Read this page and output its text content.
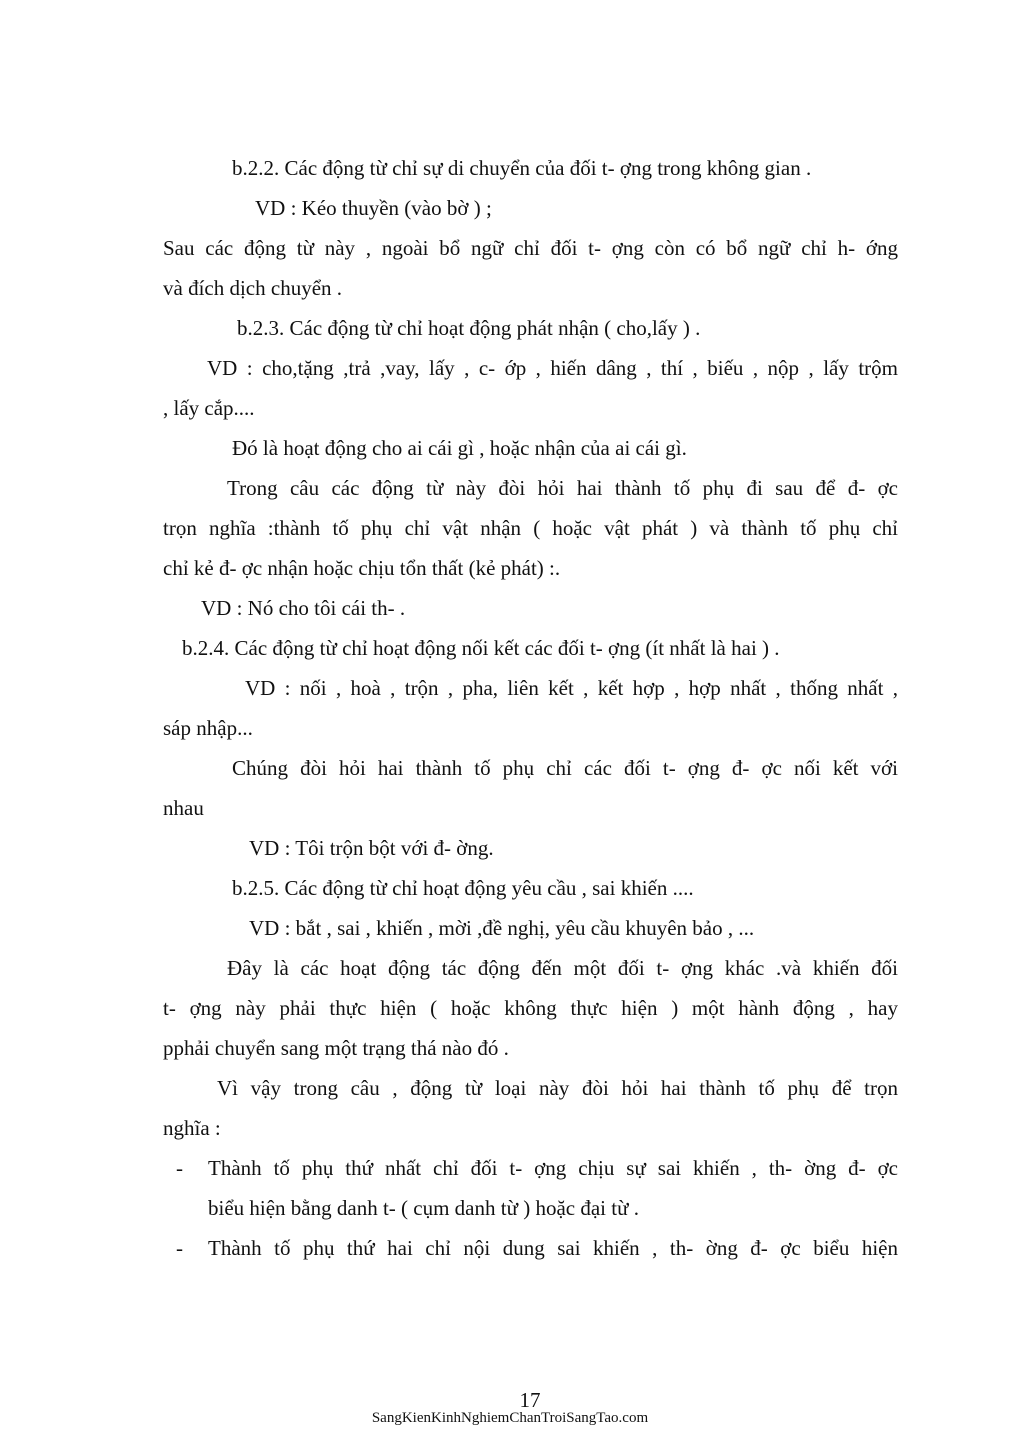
b.2.2. Các động từ chỉ sự di chuyển của đối t- ợng trong không gian .
VD : Kéo thuyền (vào bờ ) ;
Sau các động từ này , ngoài bổ ngữ chỉ đối t- ợng còn có bổ ngữ chỉ h- ớng
và đích dịch chuyển .
b.2.3. Các động từ chỉ hoạt động phát nhận ( cho,lấy ) .
VD : cho,tặng ,trả ,vay, lấy , c- ớp , hiến dâng , thí , biếu , nộp , lấy trộm
, lấy cắp....
Đó là hoạt động cho ai cái gì , hoặc nhận của ai cái gì.
Trong câu các động từ này đòi hỏi hai thành tố phụ đi sau để đ- ợc
trọn nghĩa :thành tố phụ chỉ vật nhận ( hoặc vật phát ) và thành tố phụ chỉ
chỉ kẻ đ- ợc nhận hoặc chịu tổn thất (kẻ phát) :.
VD : Nó cho tôi cái th- .
b.2.4. Các động từ chỉ hoạt động nối kết các đối t- ợng (ít nhất là hai ) .
VD : nối , hoà , trộn , pha, liên kết , kết hợp , hợp nhất , thống nhất ,
sáp nhập...
Chúng đòi hỏi hai thành tố phụ chỉ các đối t- ợng đ- ợc nối kết với
nhau
VD : Tôi trộn bột với đ- ờng.
b.2.5. Các động từ chỉ hoạt động yêu cầu , sai khiến ....
VD : bắt , sai , khiến , mời ,đề nghị, yêu cầu khuyên bảo , ...
Đây là các hoạt động tác động đến một đối t- ợng khác .và khiến đối
t- ợng này phải thực hiện ( hoặc không thực hiện ) một hành động , hay
pphải chuyển sang một trạng thá nào đó .
Vì vậy trong câu , động từ loại này đòi hỏi hai thành tố phụ để trọn
nghĩa :
- Thành tố phụ thứ nhất chỉ đối t- ợng chịu sự sai khiến , th- ờng đ- ợc
biểu hiện bằng danh t- ( cụm danh từ ) hoặc đại từ .
- Thành tố phụ thứ hai chỉ nội dung sai khiến , th- ờng đ- ợc biểu hiện
17
SangKienKinhNghiemChanTroiSangTao.com
